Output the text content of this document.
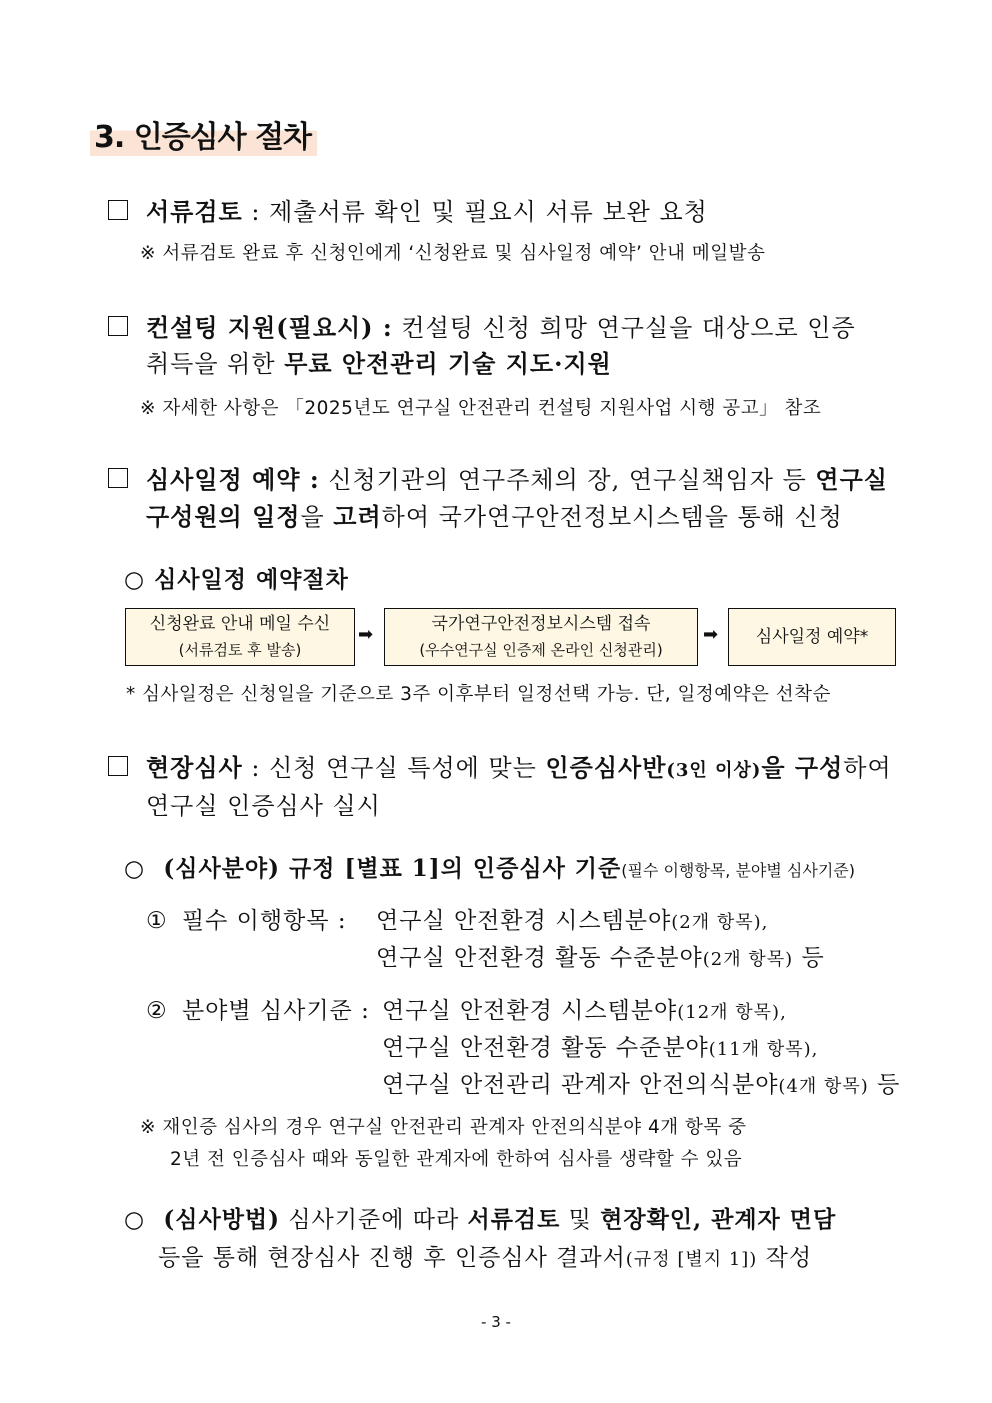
3. 인증심사 절차
서류검토 : 제출서류 확인 및 필요시 서류 보완 요청
※ 서류검토 완료 후 신청인에게 ‘신청완료 및 심사일정 예약’ 안내 메일발송
컨설팅 지원(필요시) : 컨설팅 신청 희망 연구실을 대상으로 인증
취득을 위한 무료 안전관리 기술 지도·지원
※ 자세한 사항은 「2025년도 연구실 안전관리 컨설팅 지원사업 시행 공고」 참조
심사일정 예약 : 신청기관의 연구주체의 장, 연구실책임자 등 연구실
구성원의 일정을 고려하여 국가연구안전정보시스템을 통해 신청
○ 심사일정 예약절차
신청완료 안내 메일 수신
(서류검토 후 발송)
➡	국가연구안전정보시스템 접속
(우수연구실 인증제 온라인 신청관리)
➡ 심사일정 예약*
* 심사일정은 신청일을 기준으로 3주 이후부터 일정선택 가능. 단, 일정예약은 선착순
현장심사 : 신청 연구실 특성에 맞는 인증심사반(3인 이상)을 구성하여
연구실 인증심사 실시
○ (심사분야) 규정 [별표 1]의 인증심사 기준(필수 이행항목, 분야별 심사기준)
① 필수 이행항목 : 연구실 안전환경 시스템분야(2개 항목),
연구실 안전환경 활동 수준분야(2개 항목) 등
② 분야별 심사기준 : 연구실 안전환경 시스템분야(12개 항목),
연구실 안전환경 활동 수준분야(11개 항목),
연구실 안전관리 관계자 안전의식분야(4개 항목) 등
※ 재인증 심사의 경우 연구실 안전관리 관계자 안전의식분야 4개 항목 중
2년 전 인증심사 때와 동일한 관계자에 한하여 심사를 생략할 수 있음
○ (심사방법) 심사기준에 따라 서류검토 및 현장확인, 관계자 면담
등을 통해 현장심사 진행 후 인증심사 결과서(규정 [별지 1]) 작성
- 3 -
